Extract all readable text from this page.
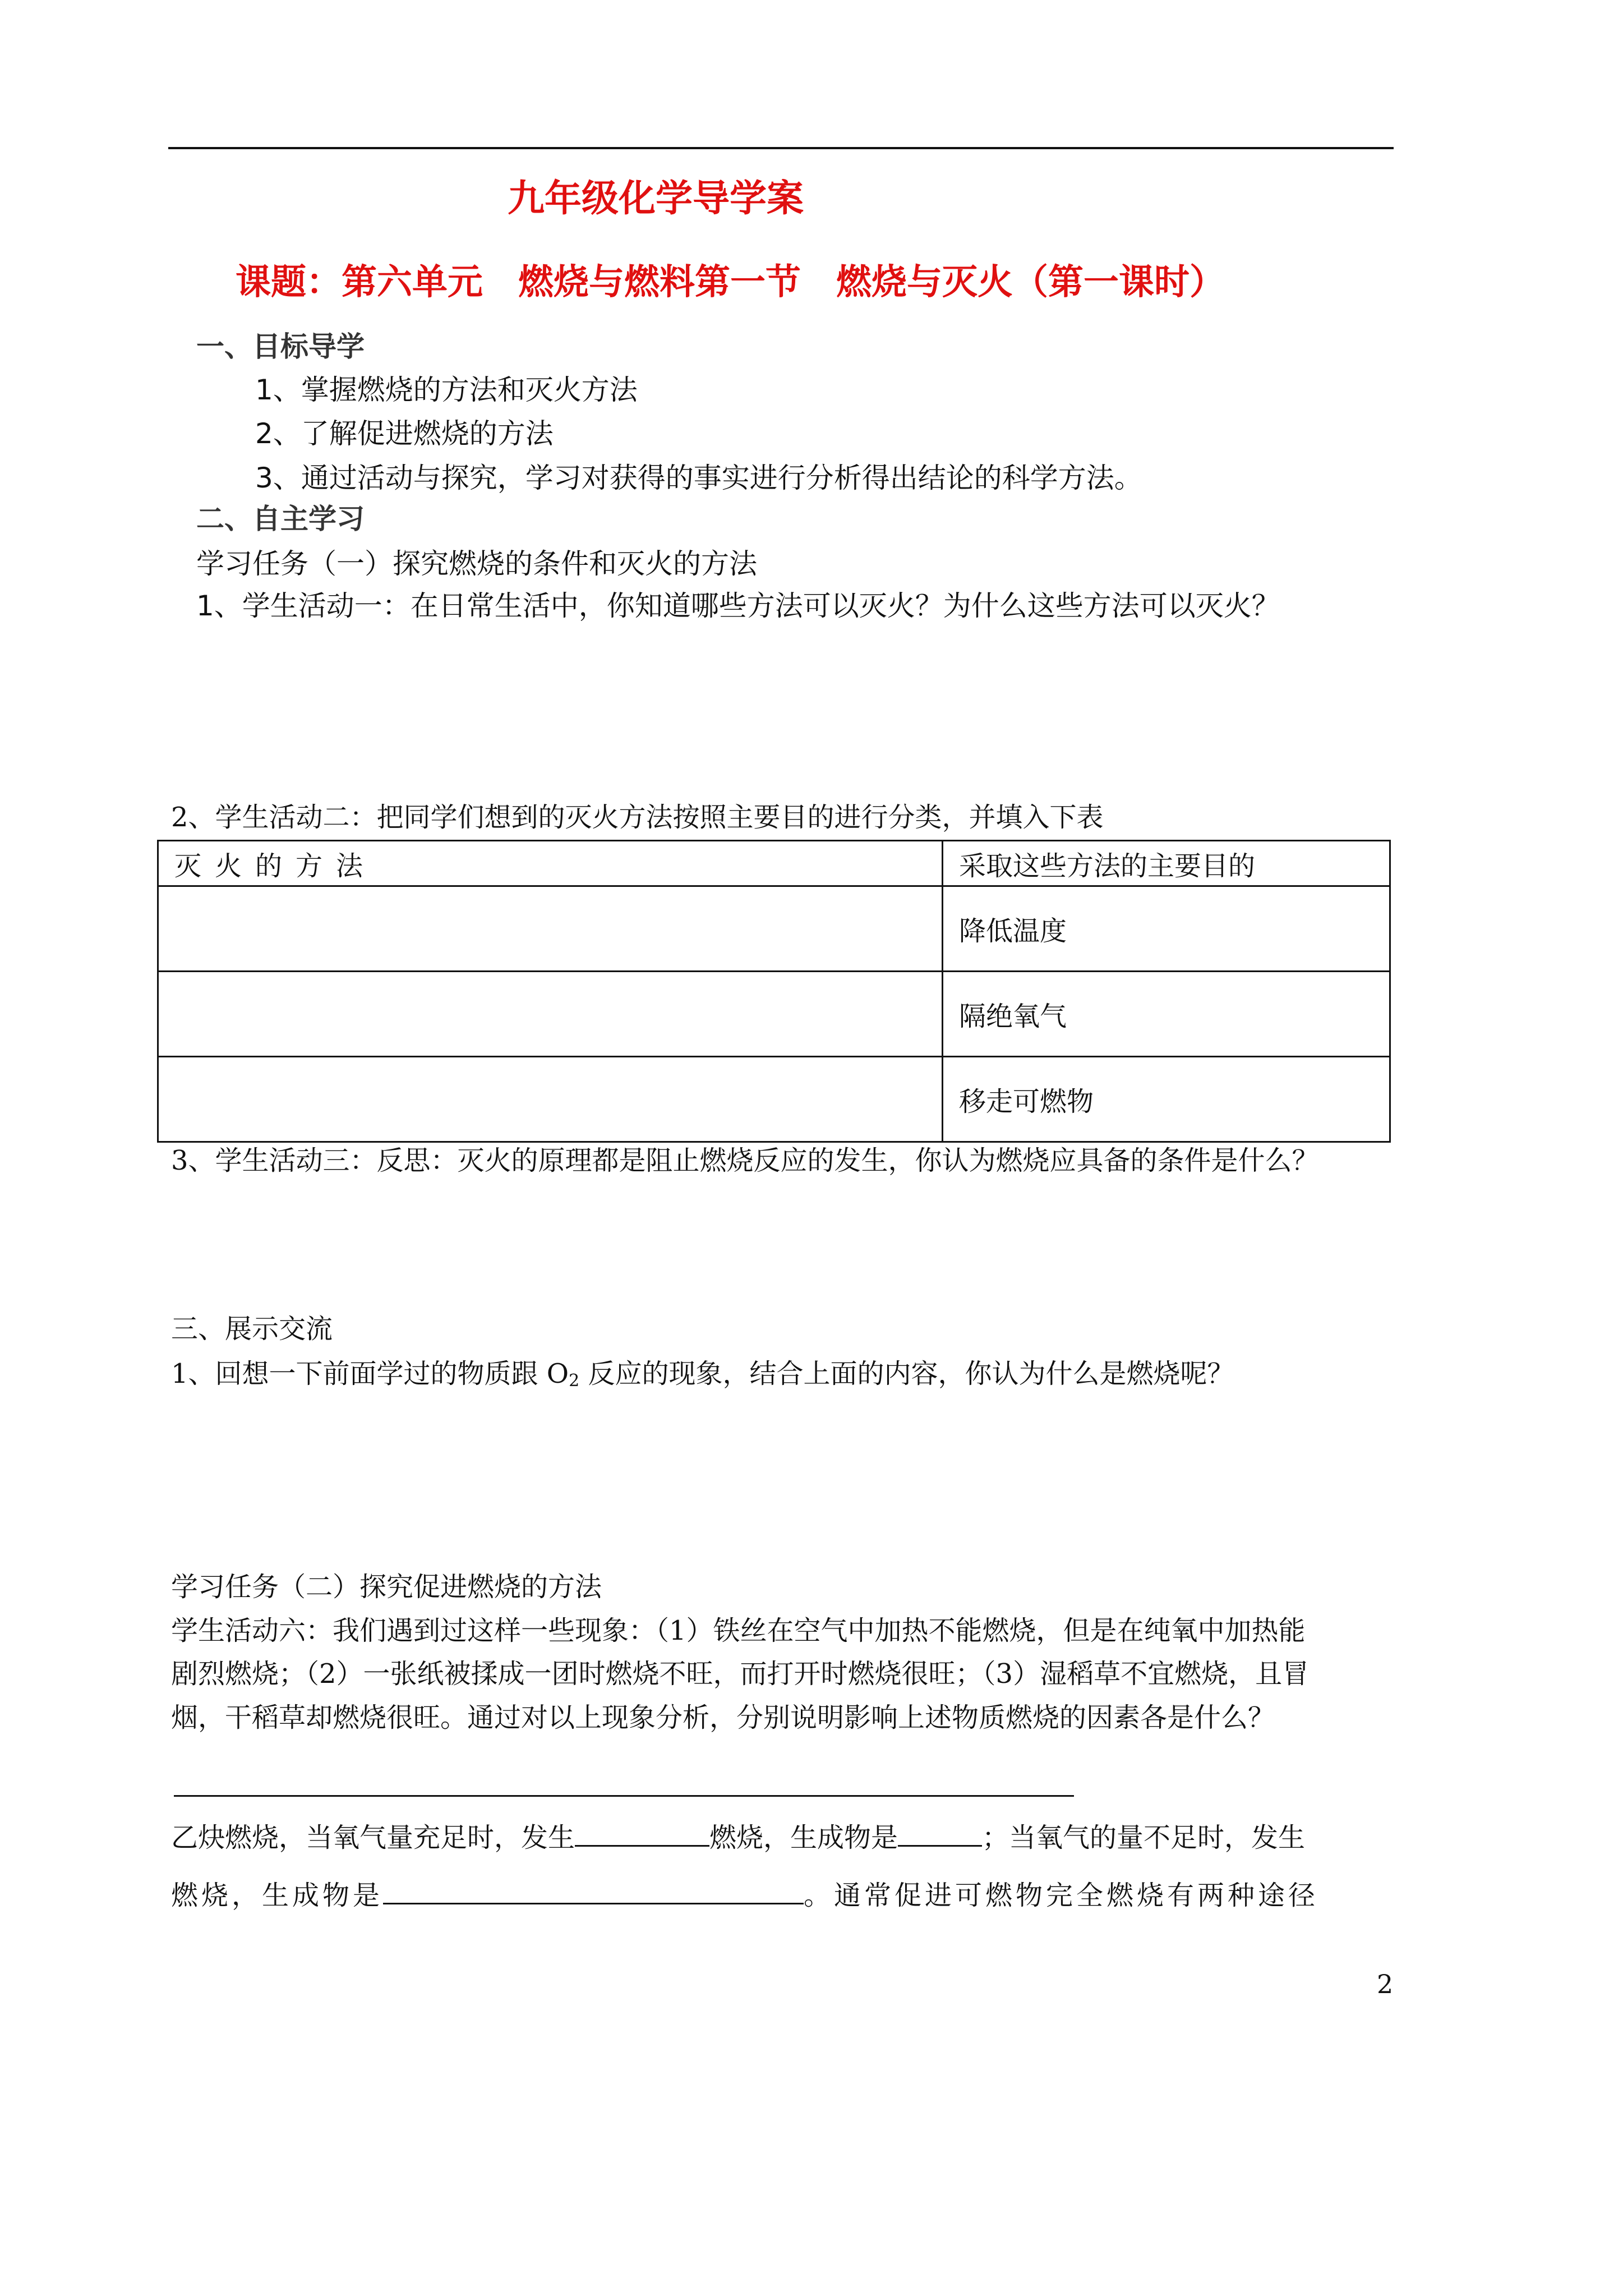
九年级化学导学案
课题：第六单元　燃烧与燃料第一节　燃烧与灭火（第一课时）
一、目标导学
1、掌握燃烧的方法和灭火方法
2、了解促进燃烧的方法
3、通过活动与探究，学习对获得的事实进行分析得出结论的科学方法。
二、自主学习
学习任务（一）探究燃烧的条件和灭火的方法
1、学生活动一：在日常生活中，你知道哪些方法可以灭火？为什么这些方法可以灭火？
2、学生活动二：把同学们想到的灭火方法按照主要目的进行分类，并填入下表
灭火的方法	采取这些方法的主要目的
	降低温度
	隔绝氧气
	移走可燃物
3、学生活动三：反思：灭火的原理都是阻止燃烧反应的发生，你认为燃烧应具备的条件是什么？
三、展示交流
1、回想一下前面学过的物质跟 $O_2$ 反应的现象，结合上面的内容，你认为什么是燃烧呢？
学习任务（二）探究促进燃烧的方法
学生活动六：我们遇到过这样一些现象：（1）铁丝在空气中加热不能燃烧，但是在纯氧中加热能
剧烈燃烧；（2）一张纸被揉成一团时燃烧不旺，而打开时燃烧很旺；（3）湿稻草不宜燃烧，且冒
烟，干稻草却燃烧很旺。通过对以上现象分析，分别说明影响上述物质燃烧的因素各是什么？
乙炔燃烧，当氧气量充足时，发生	燃烧，生成物是	；当氧气的量不足时，发生
燃烧，生成物是	。通常促进可燃物完全燃烧有两种途径
2
